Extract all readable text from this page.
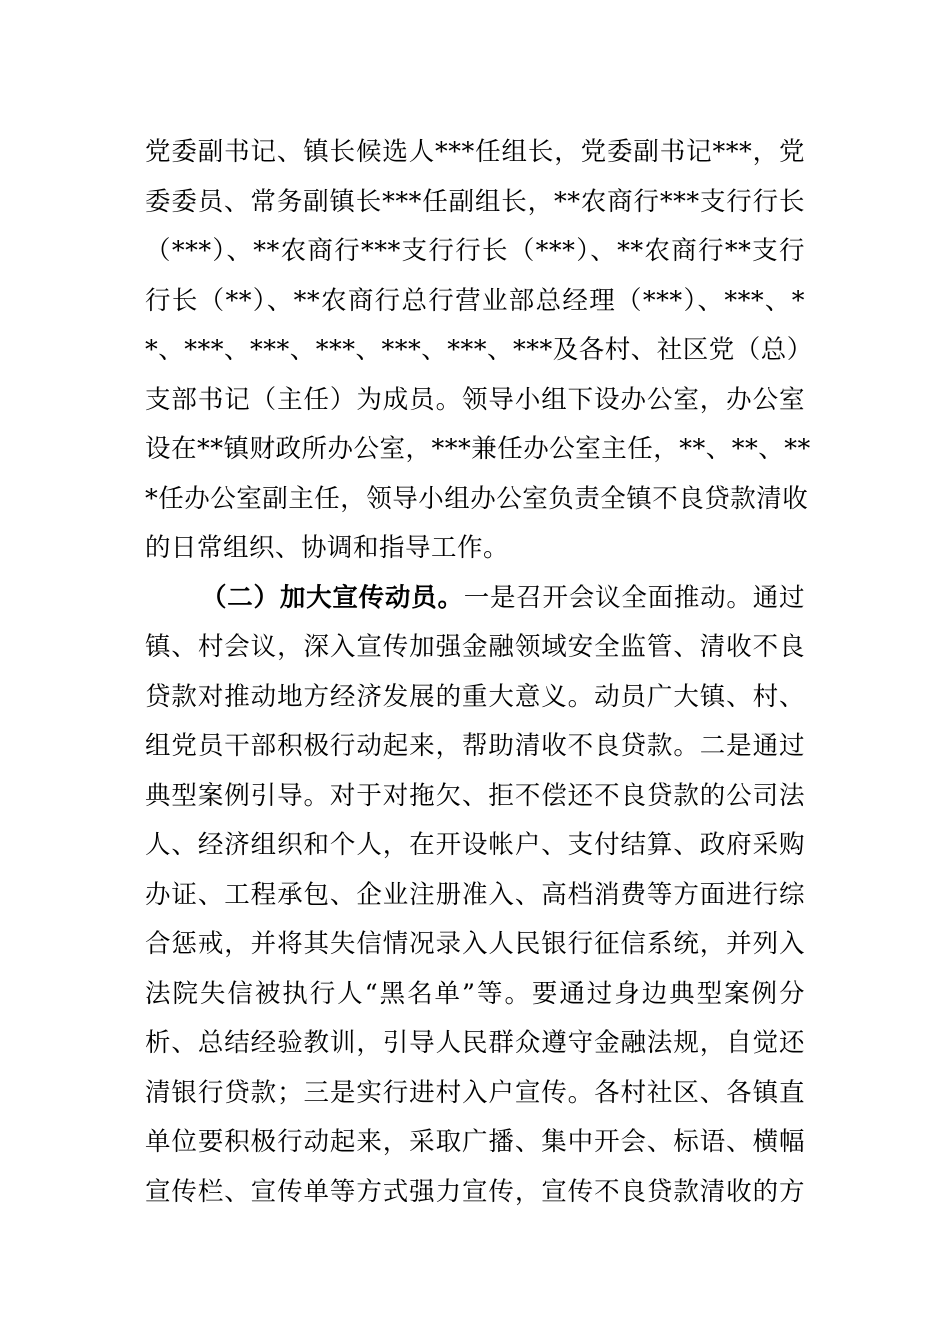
党委副书记、镇长候选人***任组长，党委副书记***，党
委委员、常务副镇长***任副组长，**农商行***支行行长
（***）、**农商行***支行行长（***）、**农商行**支行
行长（**）、**农商行总行营业部总经理（***）、***、*
*、***、***、***、***、***、***及各村、社区党（总）
支部书记（主任）为成员。领导小组下设办公室，办公室
设在**镇财政所办公室，***兼任办公室主任，**、**、**
*任办公室副主任，领导小组办公室负责全镇不良贷款清收
的日常组织、协调和指导工作。
（二）加大宣传动员。一是召开会议全面推动。通过
镇、村会议，深入宣传加强金融领域安全监管、清收不良
贷款对推动地方经济发展的重大意义。动员广大镇、村、
组党员干部积极行动起来，帮助清收不良贷款。二是通过
典型案例引导。对于对拖欠、拒不偿还不良贷款的公司法
人、经济组织和个人，在开设帐户、支付结算、政府采购
办证、工程承包、企业注册准入、高档消费等方面进行综
合惩戒，并将其失信情况录入人民银行征信系统，并列入
法院失信被执行人“黑名单”等。要通过身边典型案例分
析、总结经验教训，引导人民群众遵守金融法规，自觉还
清银行贷款；三是实行进村入户宣传。各村社区、各镇直
单位要积极行动起来，采取广播、集中开会、标语、横幅
宣传栏、宣传单等方式强力宣传，宣传不良贷款清收的方
